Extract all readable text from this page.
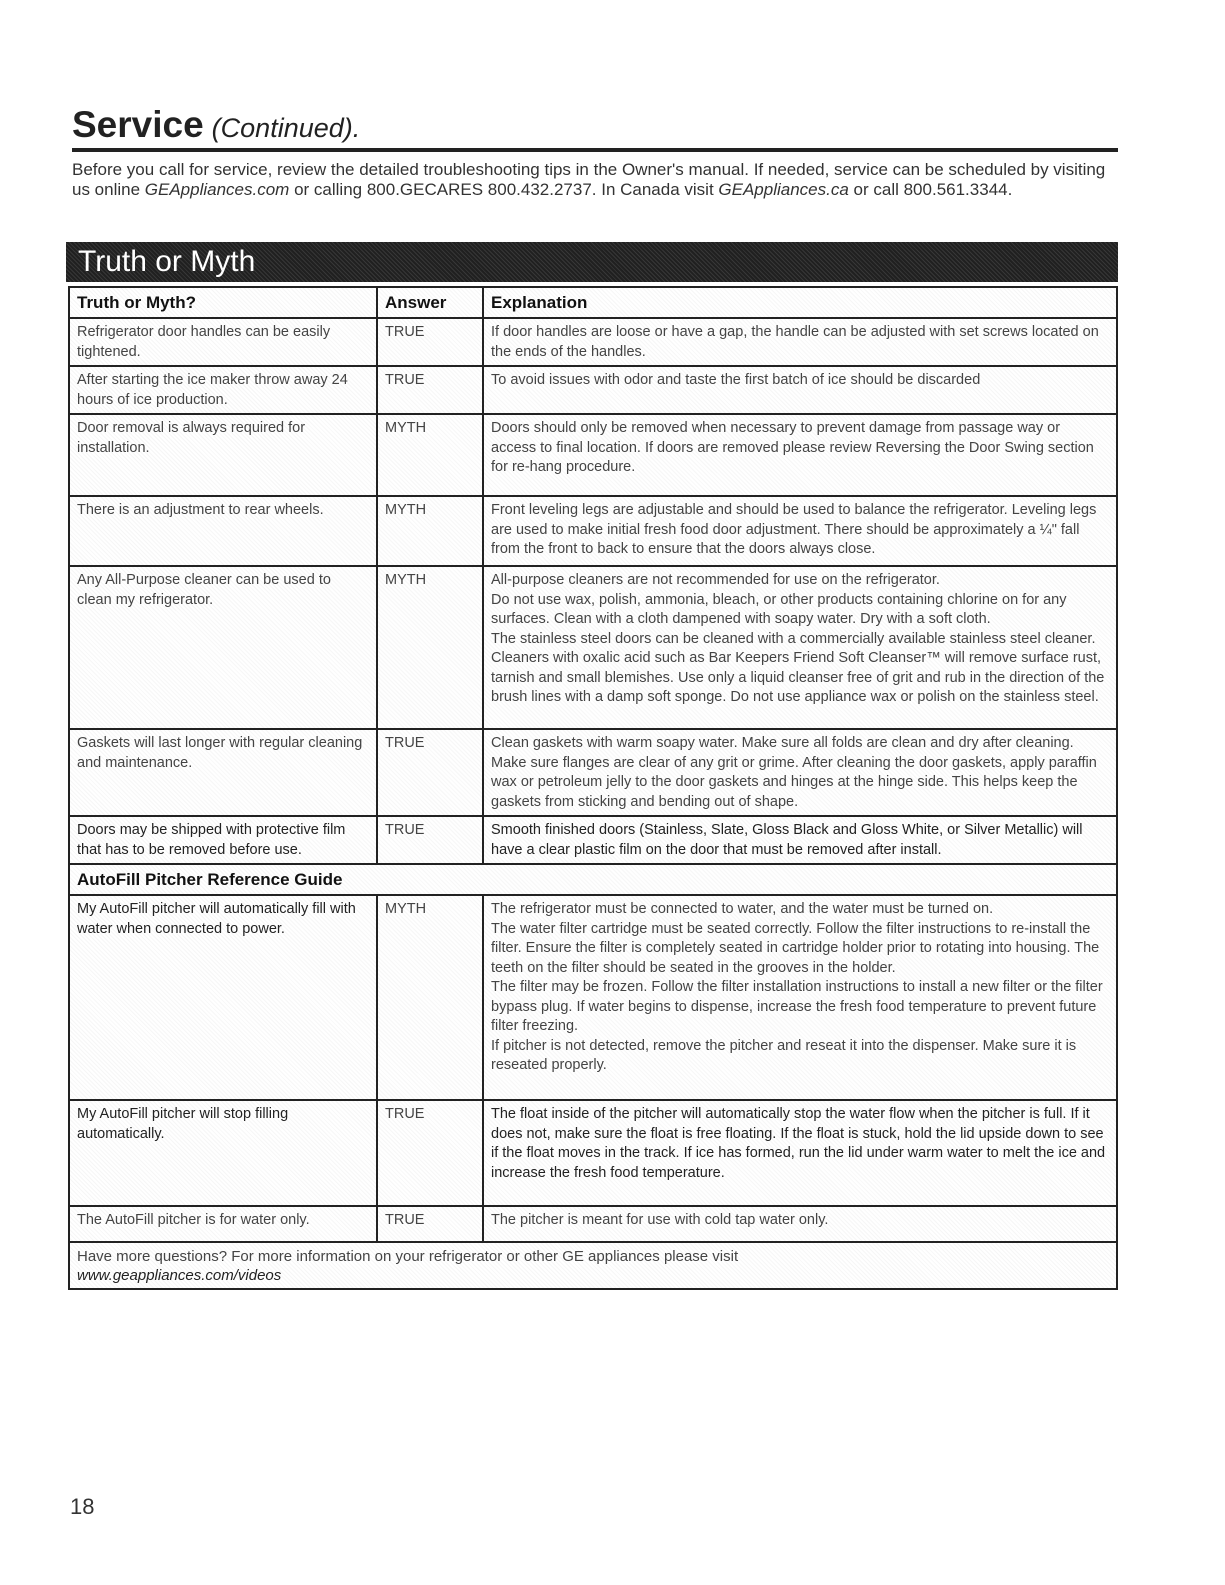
Service (Continued).

Before you call for service, review the detailed troubleshooting tips in the Owner's manual. If needed, service can be scheduled by visiting us online GEAppliances.com or calling 800.GECARES 800.432.2737. In Canada visit GEAppliances.ca or call 800.561.3344.

Truth or Myth
Truth or Myth?	Answer	Explanation
Refrigerator door handles can be easily tightened.	TRUE	If door handles are loose or have a gap, the handle can be adjusted with set screws located on the ends of the handles.
After starting the ice maker throw away 24 hours of ice production.	TRUE	To avoid issues with odor and taste the first batch of ice should be discarded
Door removal is always required for installation.	MYTH	Doors should only be removed when necessary to prevent damage from passage way or access to final location. If doors are removed please review Reversing the Door Swing section for re-hang procedure.
There is an adjustment to rear wheels.	MYTH	Front leveling legs are adjustable and should be used to balance the refrigerator. Leveling legs are used to make initial fresh food door adjustment. There should be approximately a ¼" fall from the front to back to ensure that the doors always close.
Any All-Purpose cleaner can be used to clean my refrigerator.	MYTH	All-purpose cleaners are not recommended for use on the refrigerator.
Do not use wax, polish, ammonia, bleach, or other products containing chlorine on for any surfaces. Clean with a cloth dampened with soapy water. Dry with a soft cloth.
The stainless steel doors can be cleaned with a commercially available stainless steel cleaner. Cleaners with oxalic acid such as Bar Keepers Friend Soft Cleanser™ will remove surface rust, tarnish and small blemishes. Use only a liquid cleanser free of grit and rub in the direction of the brush lines with a damp soft sponge. Do not use appliance wax or polish on the stainless steel.

Gaskets will last longer with regular cleaning and maintenance.	TRUE	Clean gaskets with warm soapy water. Make sure all folds are clean and dry after cleaning. Make sure flanges are clear of any grit or grime. After cleaning the door gaskets, apply paraffin wax or petroleum jelly to the door gaskets and hinges at the hinge side. This helps keep the gaskets from sticking and bending out of shape.
Doors may be shipped with protective film that has to be removed before use.	TRUE	Smooth finished doors (Stainless, Slate, Gloss Black and Gloss White, or Silver Metallic) will have a clear plastic film on the door that must be removed after install.
AutoFill Pitcher Reference Guide		
My AutoFill pitcher will automatically fill with water when connected to power.	MYTH	The refrigerator must be connected to water, and the water must be turned on.
The water filter cartridge must be seated correctly. Follow the filter instructions to re-install the filter. Ensure the filter is completely seated in cartridge holder prior to rotating into housing. The teeth on the filter should be seated in the grooves in the holder.
The filter may be frozen. Follow the filter installation instructions to install a new filter or the filter bypass plug. If water begins to dispense, increase the fresh food temperature to prevent future filter freezing.
If pitcher is not detected, remove the pitcher and reseat it into the dispenser. Make sure it is reseated properly.

My AutoFill pitcher will stop filling automatically.	TRUE	The float inside of the pitcher will automatically stop the water flow when the pitcher is full. If it does not, make sure the float is free floating. If the float is stuck, hold the lid upside down to see if the float moves in the track. If ice has formed, run the lid under warm water to melt the ice and increase the fresh food temperature.
The AutoFill pitcher is for water only.	TRUE	The pitcher is meant for use with cold tap water only.
Have more questions? For more information on your refrigerator or other GE appliances please visit
www.geappliances.com/videos		
18
